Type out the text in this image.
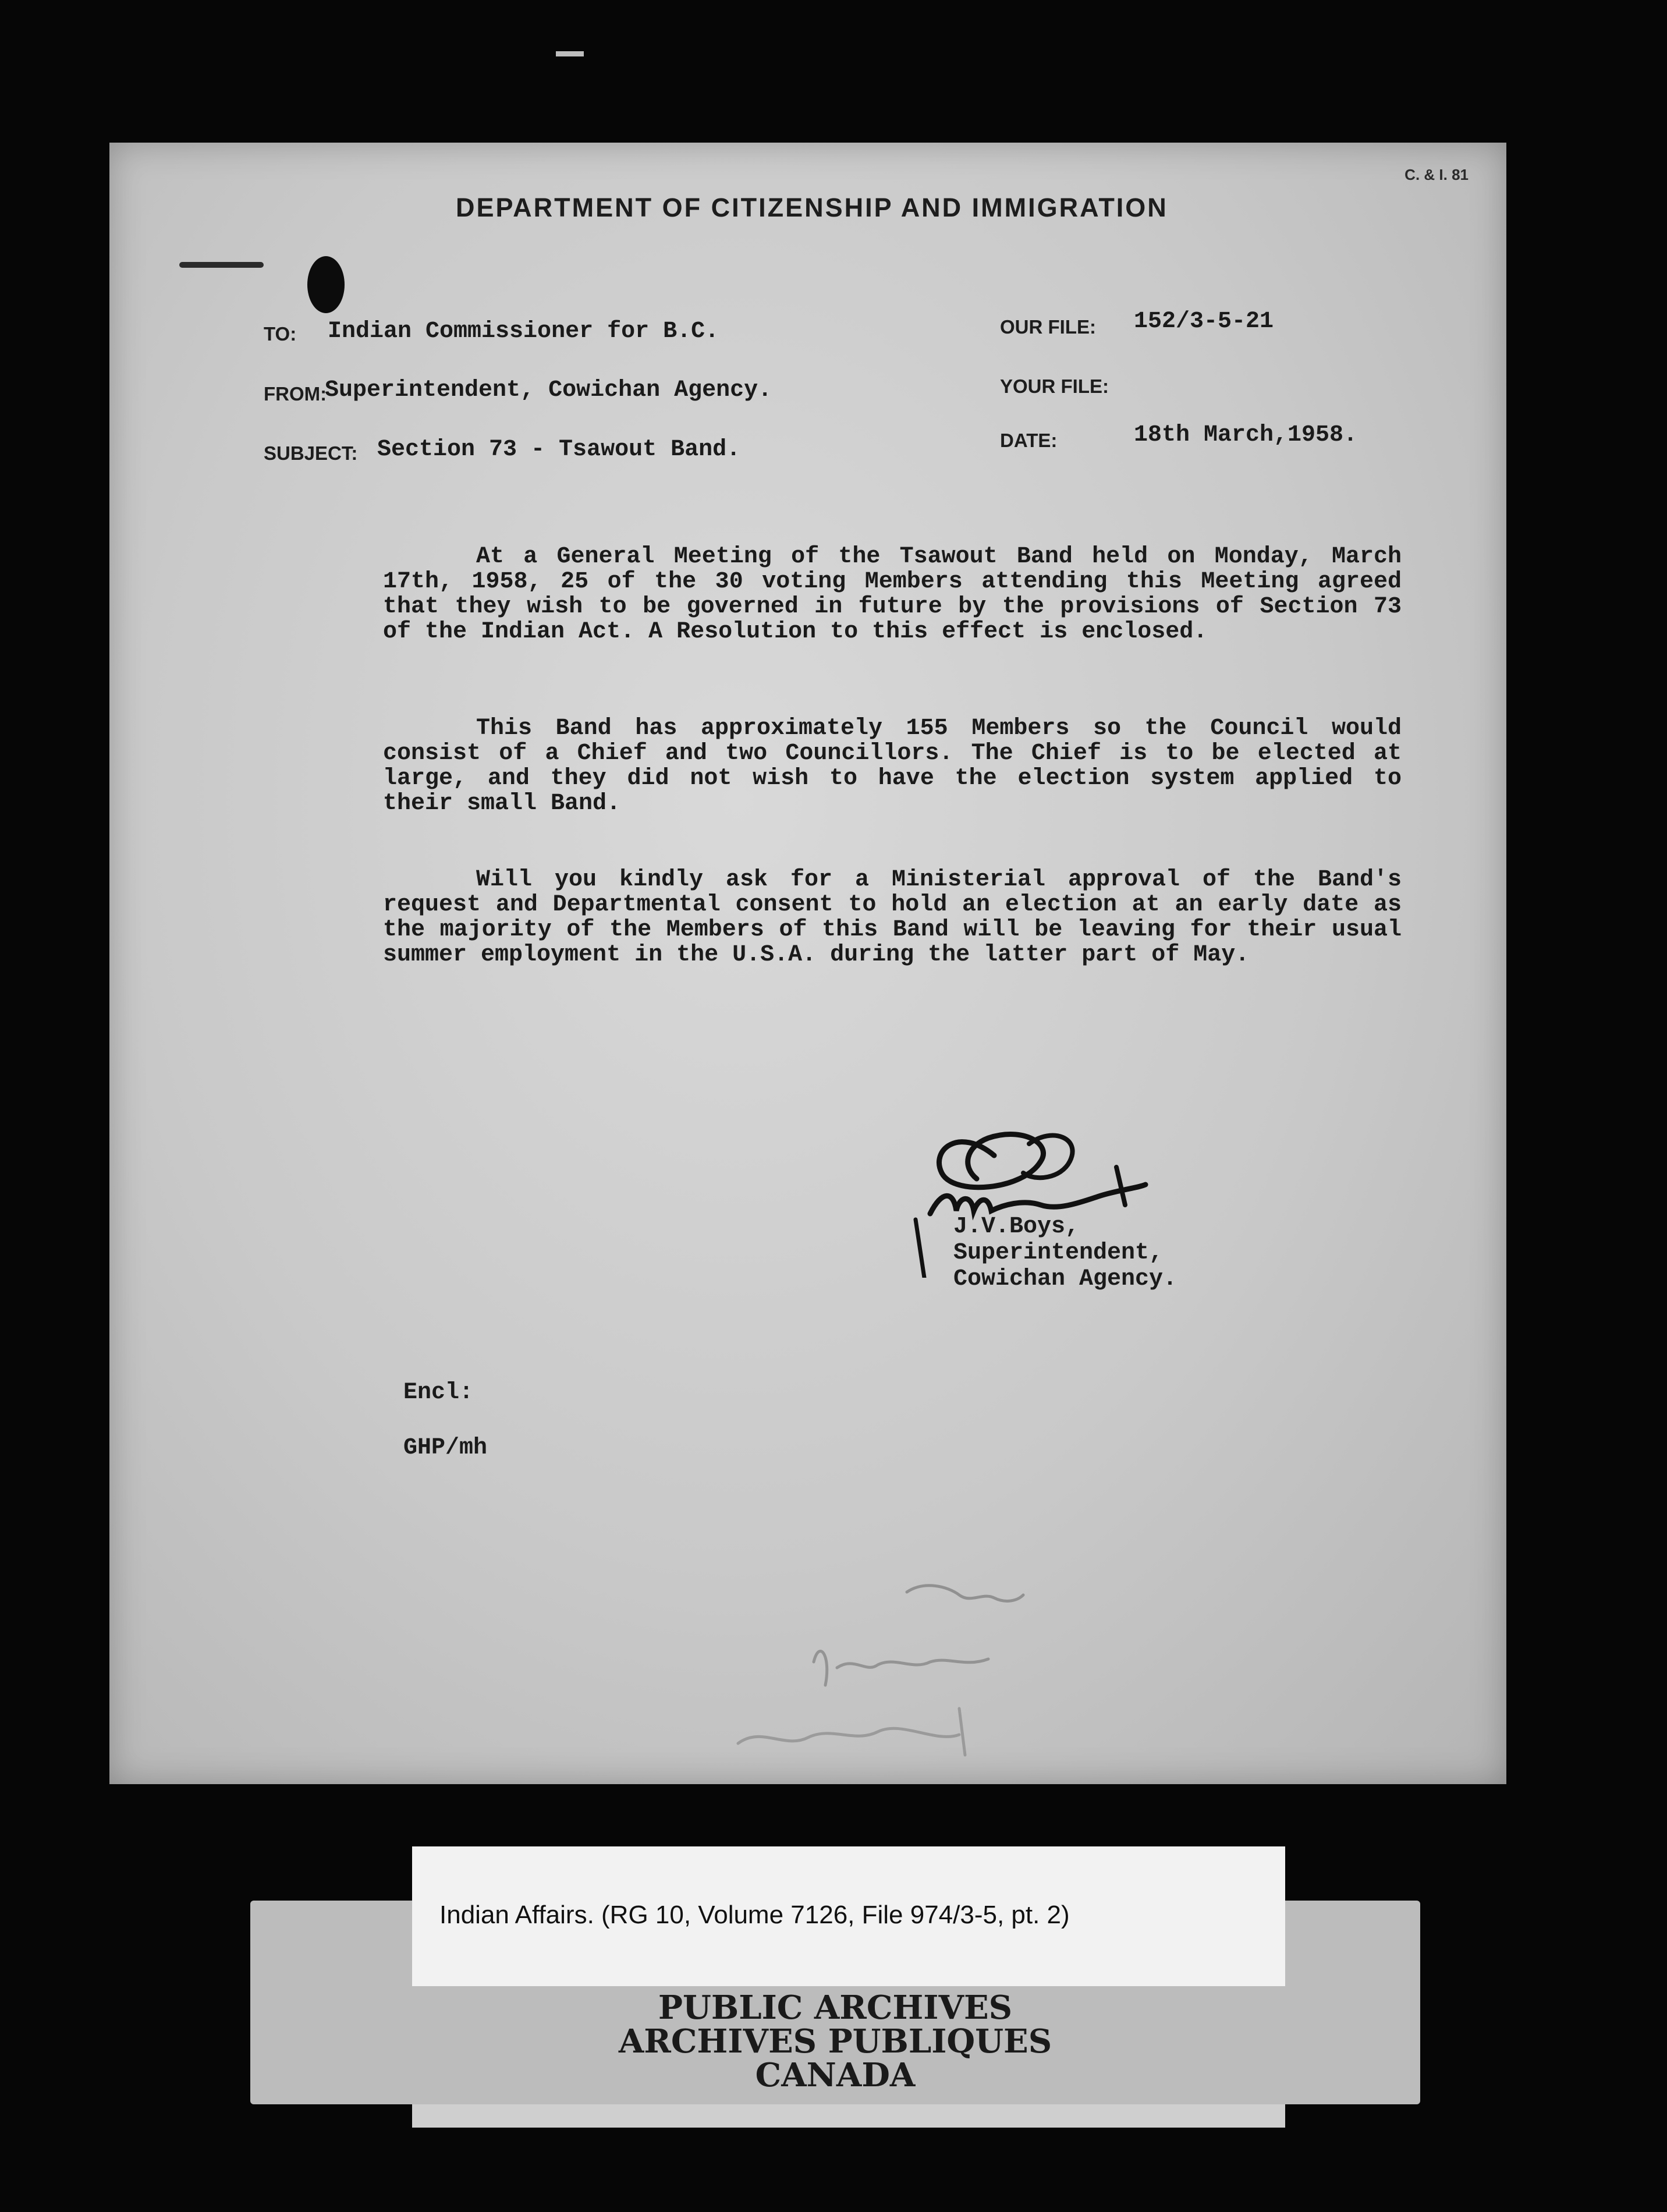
C. & I. 81
DEPARTMENT OF CITIZENSHIP AND IMMIGRATION
TO: Indian Commissioner for B.C.
FROM:
Superintendent, Cowichan Agency.
SUBJECT: Section 73 - Tsawout Band.
OUR FILE: 152/3-5-21
YOUR FILE:
DATE:	18th March,1958.

At a General Meeting of the Tsawout Band held on Monday, March 17th, 1958, 25 of the 30 voting Members attending this Meeting agreed that they wish to be governed in future by the provisions of Section 73 of the Indian Act. A Resolution to this effect is enclosed.

This Band has approximately 155 Members so the Council would consist of a Chief and two Councillors. The Chief is to be elected at large, and they did not wish to have the election system applied to their small Band.

Will you kindly ask for a Ministerial approval of the Band's request and Departmental consent to hold an election at an early date as the majority of the Members of this Band will be leaving for their usual summer employment in the U.S.A. during the latter part of May.

J.V.Boys,
Superintendent,
Cowichan Agency.
Encl:
GHP/mh
Indian Affairs. (RG 10, Volume 7126, File 974/3-5, pt. 2)
PUBLIC ARCHIVES
ARCHIVES PUBLIQUES
CANADA
